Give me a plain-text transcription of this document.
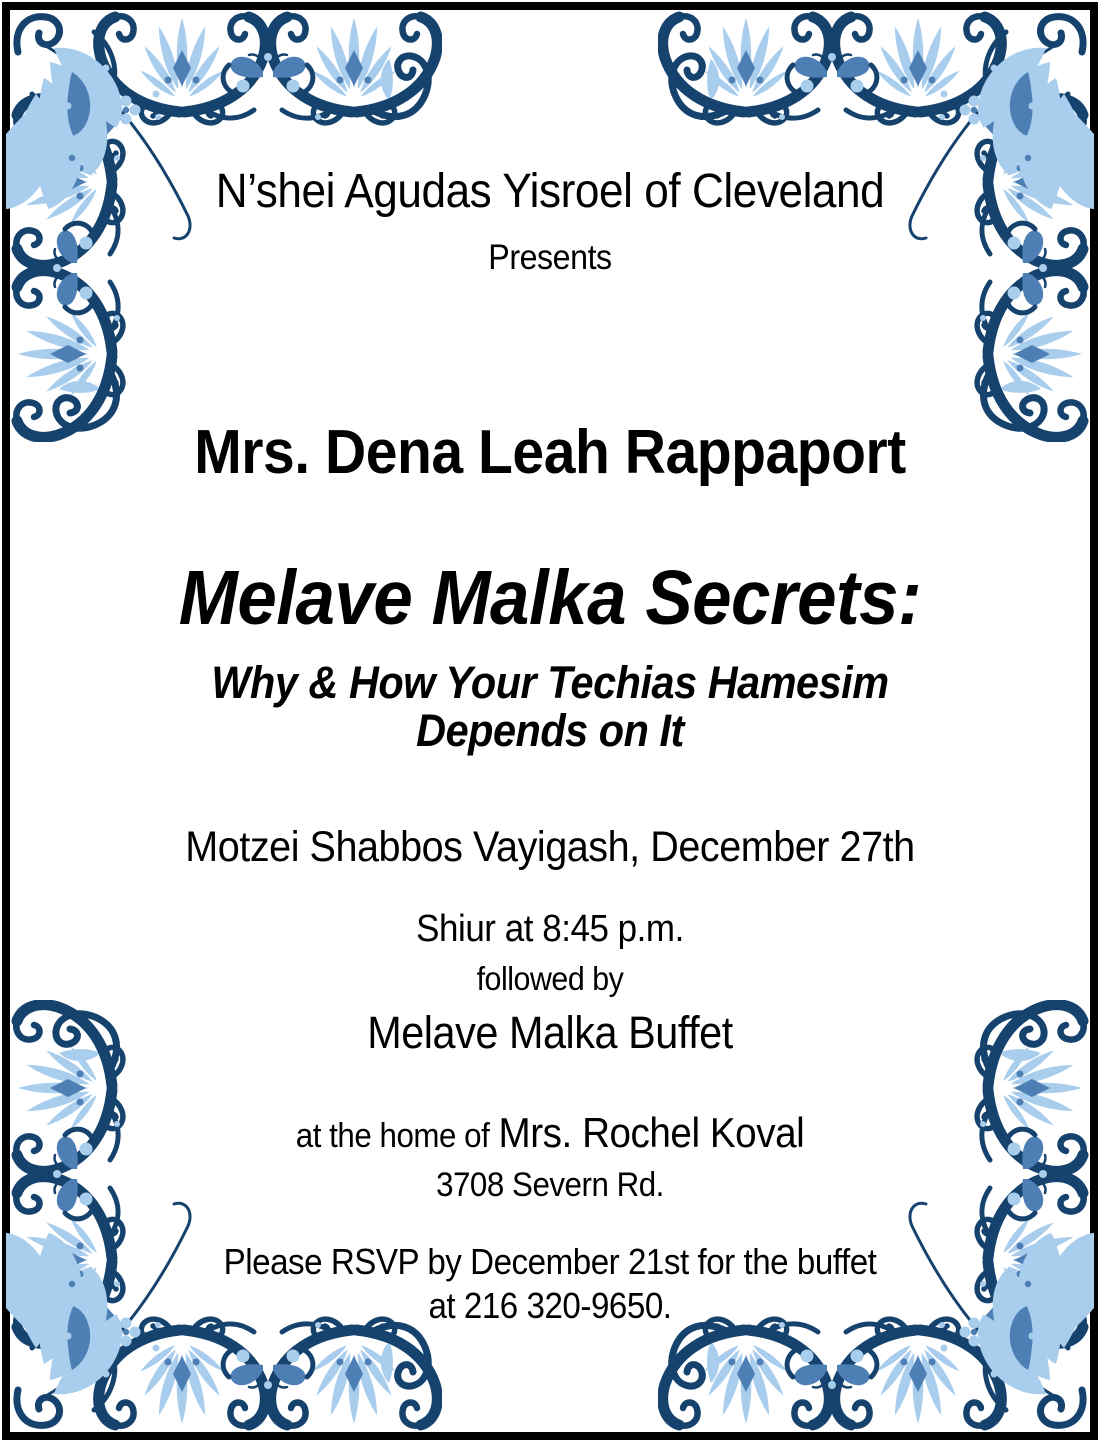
N’shei Agudas Yisroel of Cleveland
Presents
Mrs. Dena Leah Rappaport
Melave Malka Secrets:
Why & How Your Techias Hamesim
Depends on It
Motzei Shabbos Vayigash, December 27th
Shiur at 8:45 p.m.
followed by
Melave Malka Buffet
at the home of Mrs. Rochel Koval
3708 Severn Rd.
Please RSVP by December 21st for the buffet
at 216 320-9650.
